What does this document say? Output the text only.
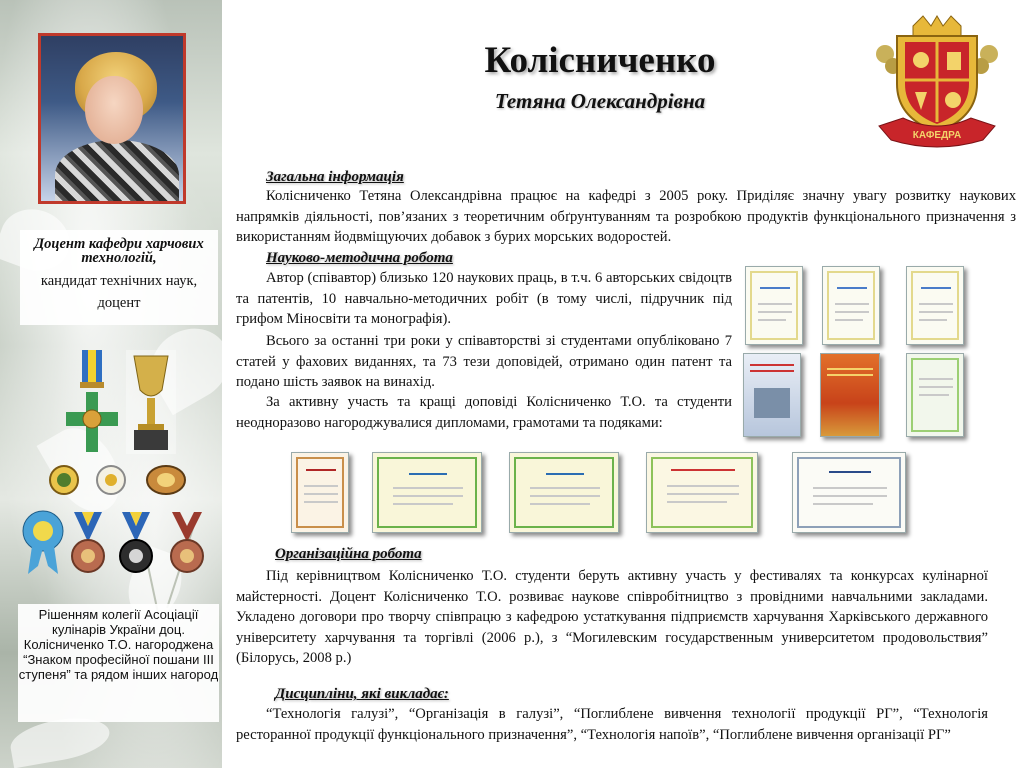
Доцент кафедри харчових технологій,
кандидат технічних наук, доцент
Рішенням колегії Асоціації кулінарів України доц. Колісниченко Т.О. нагороджена “Знаком професійної пошани ІІІ ступеня” та рядом інших нагород
Колісниченко
Тетяна Олександрівна
КАФЕДРА
Загальна інформація

Колісниченко Тетяна Олександрівна працює на кафедрі з 2005 року. Приділяє значну увагу розвитку наукових напрямків діяльності, пов’язаних з теоретичним обґрунтуванням та розробкою продуктів функціонального призначення з використанням йодвміщуючих добавок з бурих морських водоростей.

Науково-методична робота

Автор (співавтор) близько 120 наукових праць, в т.ч. 6 авторських свідоцтв та патентів, 10 навчально-методичних робіт (в тому числі, підручник під грифом Міносвіти та монографія).

Всього за останні три роки у співавторстві зі студентами опубліковано 7 статей у фахових виданнях, та 73 тези доповідей, отримано один патент та подано шість заявок на винахід.

За активну участь та кращі доповіді Колісниченко Т.О. та студенти неодноразово нагороджувалися дипломами, грамотами та подяками:

Організаційна робота

Під керівництвом Колісниченко Т.О. студенти беруть активну участь у фестивалях та конкурсах кулінарної майстерності. Доцент Колісниченко Т.О. розвиває наукове співробітництво з провідними навчальними закладами. Укладено договори про творчу співпрацю з кафедрою устаткування підприємств харчування Харківського державного університету харчування та торгівлі (2006 р.), з “Могилевским государственным университетом продовольствия” (Білорусь, 2008 р.)

Дисципліни, які викладає:

“Технологія галузі”, “Організація в галузі”, “Поглиблене вивчення технології продукції РГ”, “Технологія ресторанної продукції функціонального призначення”, “Технологія напоїв”, “Поглиблене вивчення організації РГ”
